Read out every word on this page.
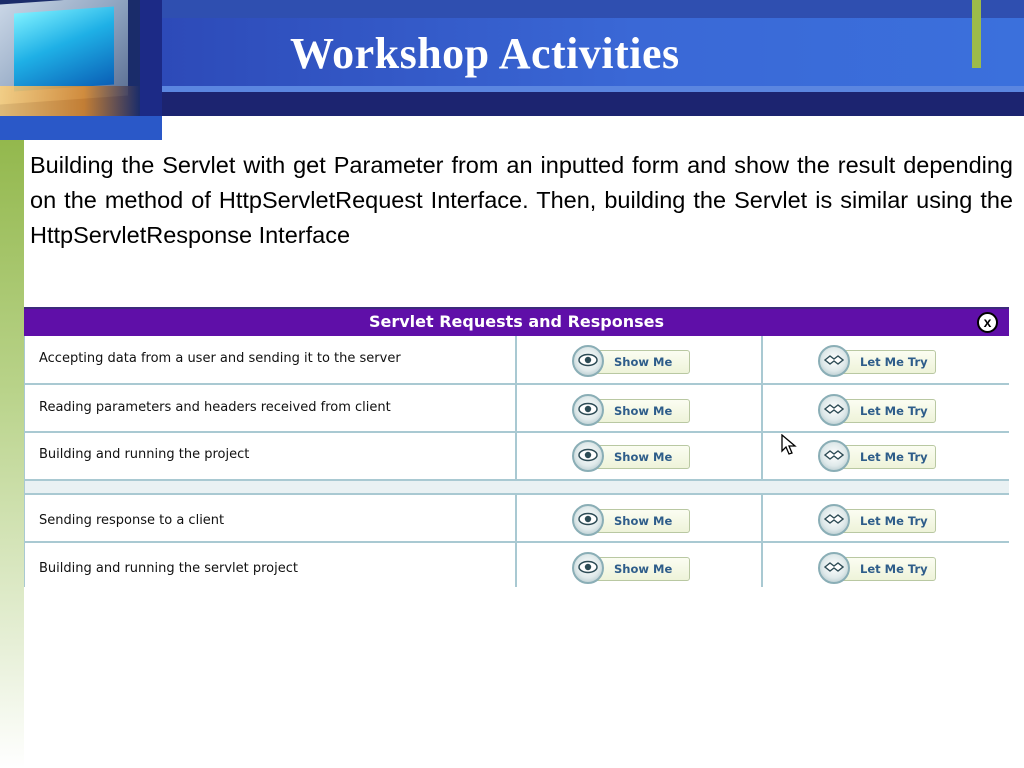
Workshop Activities
Building the Servlet with get Parameter from an inputted form and show the result depending on the method of HttpServletRequest Interface. Then, building the Servlet is similar using the HttpServletResponse Interface
Servlet Requests and Responses	x
Accepting data from a user and sending it to the server	Show Me	Let Me Try
Reading parameters and headers received from client	Show Me	Let Me Try
Building and running the project	Show Me	Let Me Try
Sending response to a client	Show Me	Let Me Try
Building and running the servlet project	Show Me	Let Me Try
